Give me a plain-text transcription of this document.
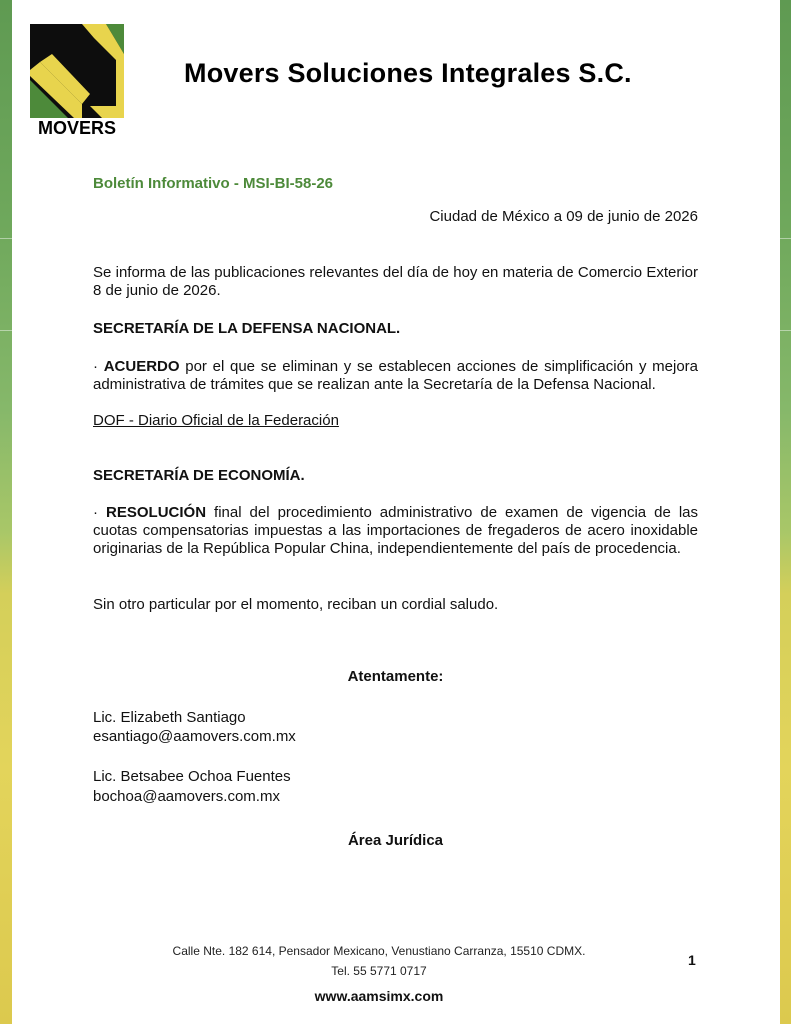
MOVERS
Movers Soluciones Integrales S.C.
Boletín Informativo - MSI-BI-58-26
Ciudad de México a 09 de junio de 2026
Se informa de las publicaciones relevantes del día de hoy en materia de Comercio Exterior 8 de junio de 2026.
SECRETARÍA DE LA DEFENSA NACIONAL.
· ACUERDO por el que se eliminan y se establecen acciones de simplificación y mejora administrativa de trámites que se realizan ante la Secretaría de la Defensa Nacional.
DOF - Diario Oficial de la Federación
SECRETARÍA DE ECONOMÍA.
· RESOLUCIÓN final del procedimiento administrativo de examen de vigencia de las cuotas compensatorias impuestas a las importaciones de fregaderos de acero inoxidable originarias de la República Popular China, independientemente del país de procedencia.
Sin otro particular por el momento, reciban un cordial saludo.
Atentamente:
Lic. Elizabeth Santiago
esantiago@aamovers.com.mx
Lic. Betsabee Ochoa Fuentes
bochoa@aamovers.com.mx
Área Jurídica
Calle Nte. 182 614, Pensador Mexicano, Venustiano Carranza, 15510 CDMX.
Tel. 55 5771 0717
www.aamsimx.com
1
